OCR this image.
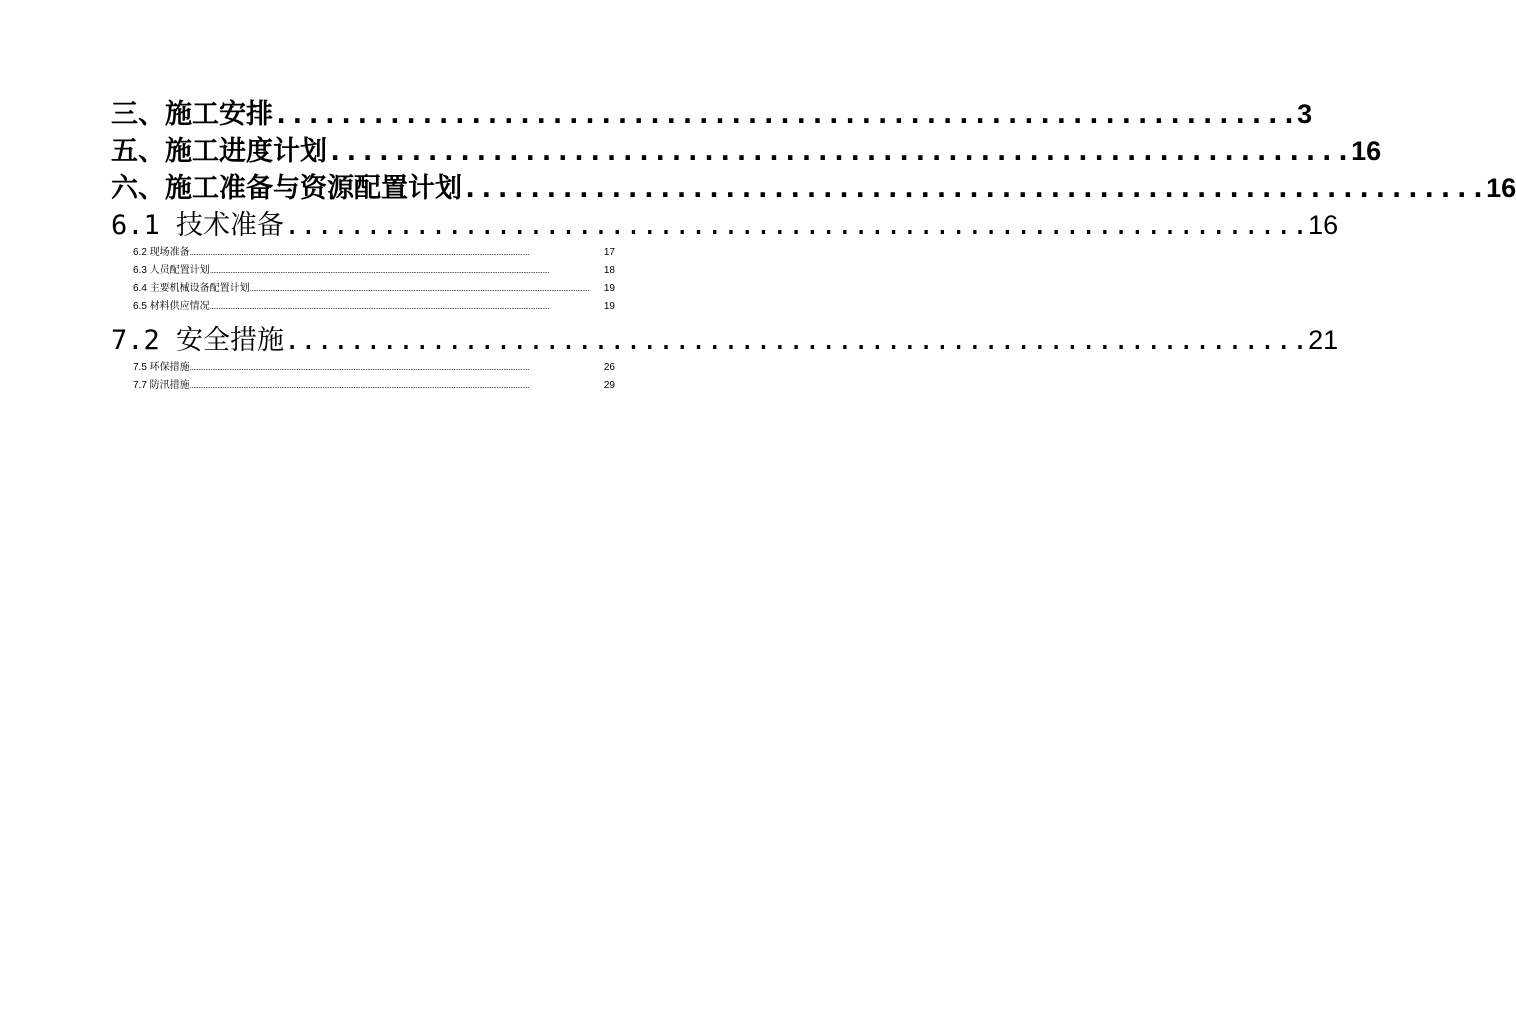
三、施工安排 ............................................................... 3
五、施工进度计划 ............................................................... 16
六、施工准备与资源配置计划 ............................................................... 16
6.1 技术准备 ............................................................... 16
6.2 现场准备 .....................................................................................................................................................................................................	17
6.3 人员配置计划 .....................................................................................................................................................................................................	18
6.4 主要机械设备配置计划 .....................................................................................................................................................................................................	19
6.5 材料供应情况 .....................................................................................................................................................................................................	19
7.2 安全措施 ............................................................... 21
7.5 环保措施 .....................................................................................................................................................................................................	26
7.7 防汛措施 .....................................................................................................................................................................................................	29
